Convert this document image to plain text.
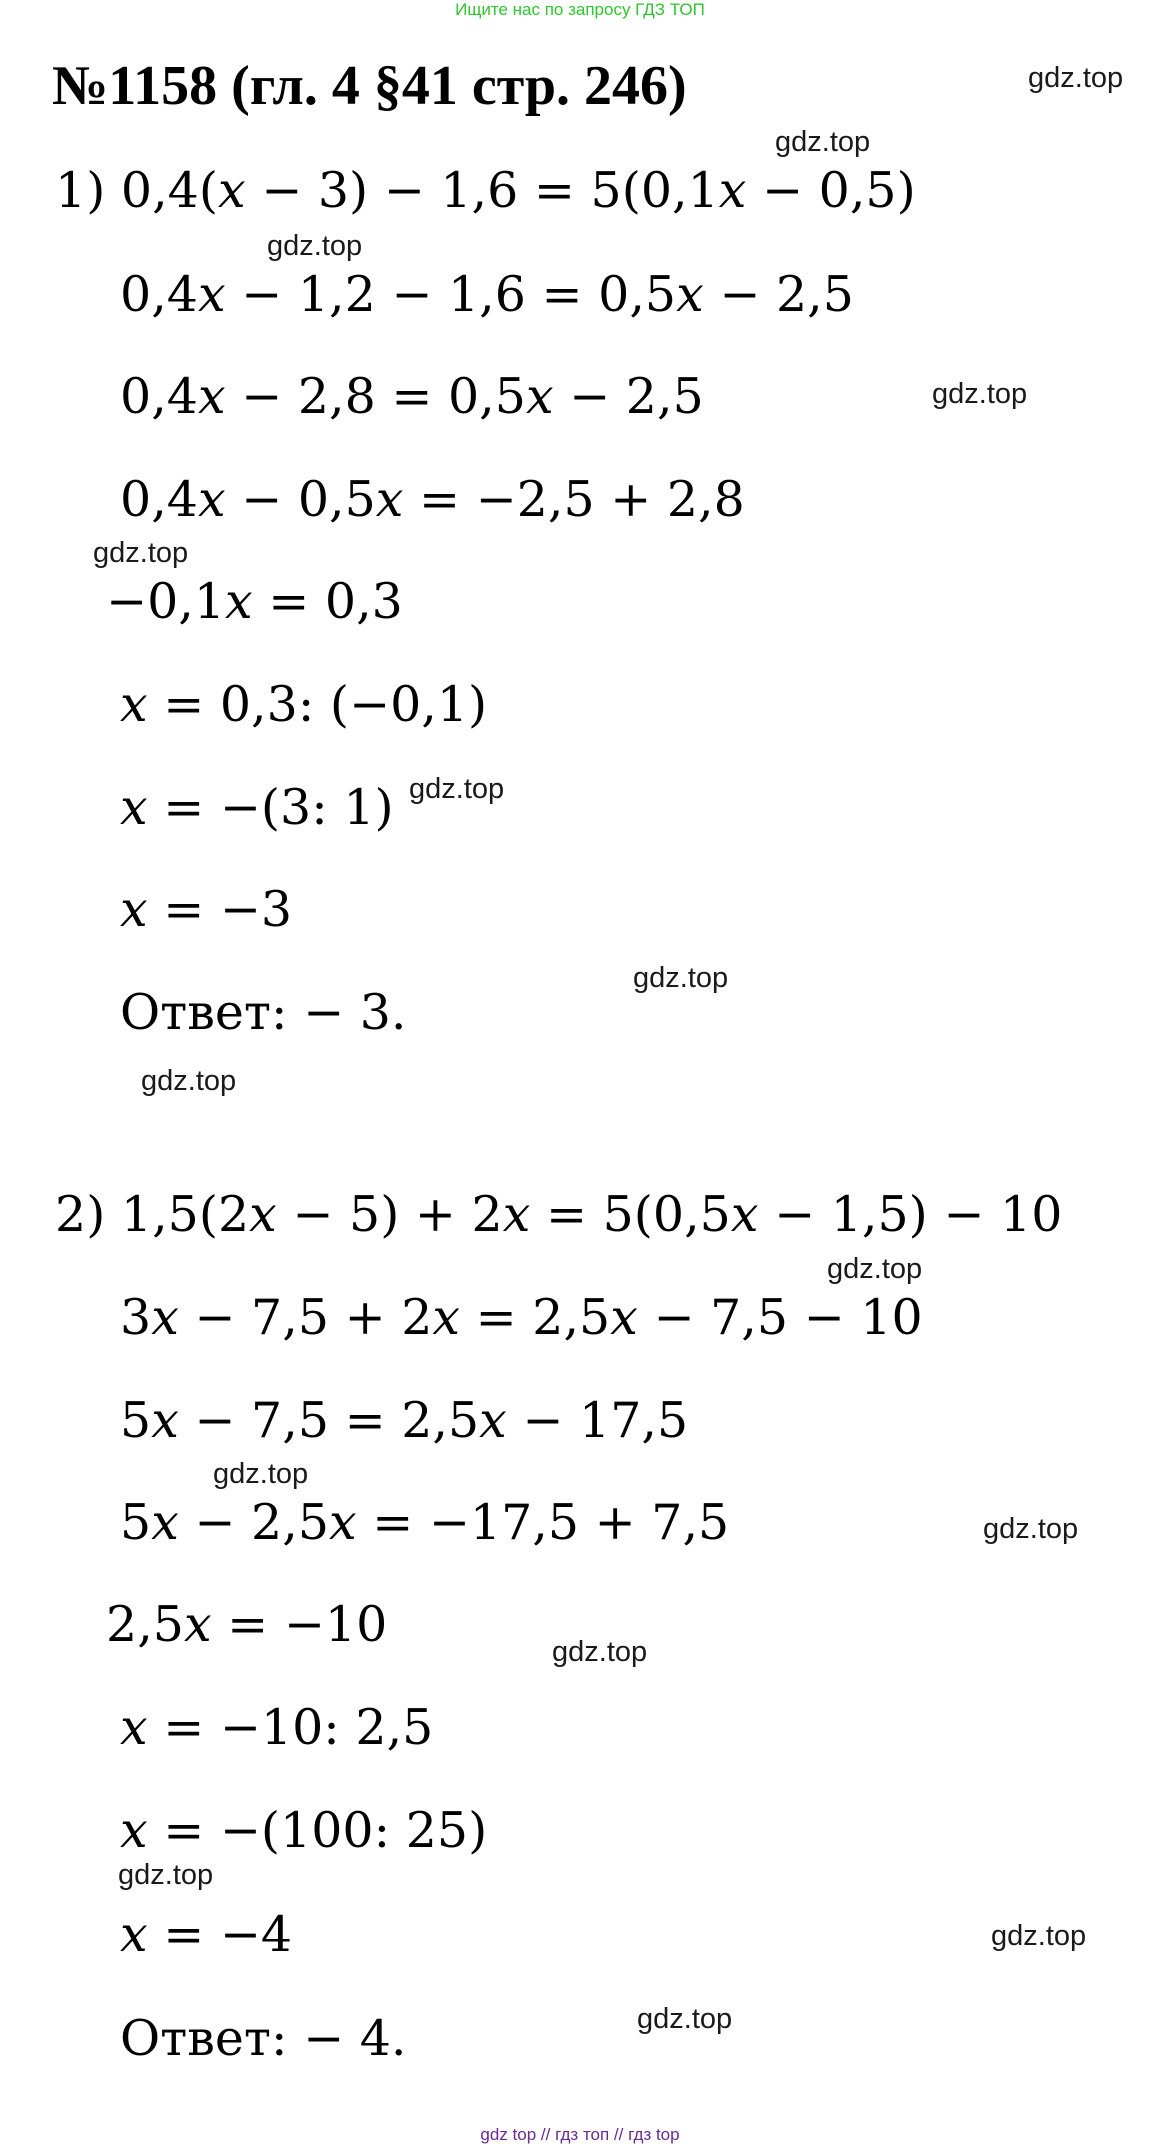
Ищите нас по запросу ГДЗ ТОП
№1158 (гл. 4 §41 стр. 246)
1) 0,4(x − 3) − 1,6 = 5(0,1x − 0,5)
0,4x − 1,2 − 1,6 = 0,5x − 2,5
0,4x − 2,8 = 0,5x − 2,5
0,4x − 0,5x = −2,5 + 2,8
−0,1x = 0,3
x = 0,3: (−0,1)
x = −(3: 1)
x = −3
Ответ: − 3.
2) 1,5(2x − 5) + 2x = 5(0,5x − 1,5) − 10
3x − 7,5 + 2x = 2,5x − 7,5 − 10
5x − 7,5 = 2,5x − 17,5
5x − 2,5x = −17,5 + 7,5
2,5x = −10
x = −10: 2,5
x = −(100: 25)
x = −4
Ответ: − 4.
gdz.top
gdz.top
gdz.top
gdz.top
gdz.top
gdz.top
gdz.top
gdz.top
gdz.top
gdz.top
gdz.top
gdz.top
gdz.top
gdz.top
gdz.top
gdz top // гдз топ // гдз top
